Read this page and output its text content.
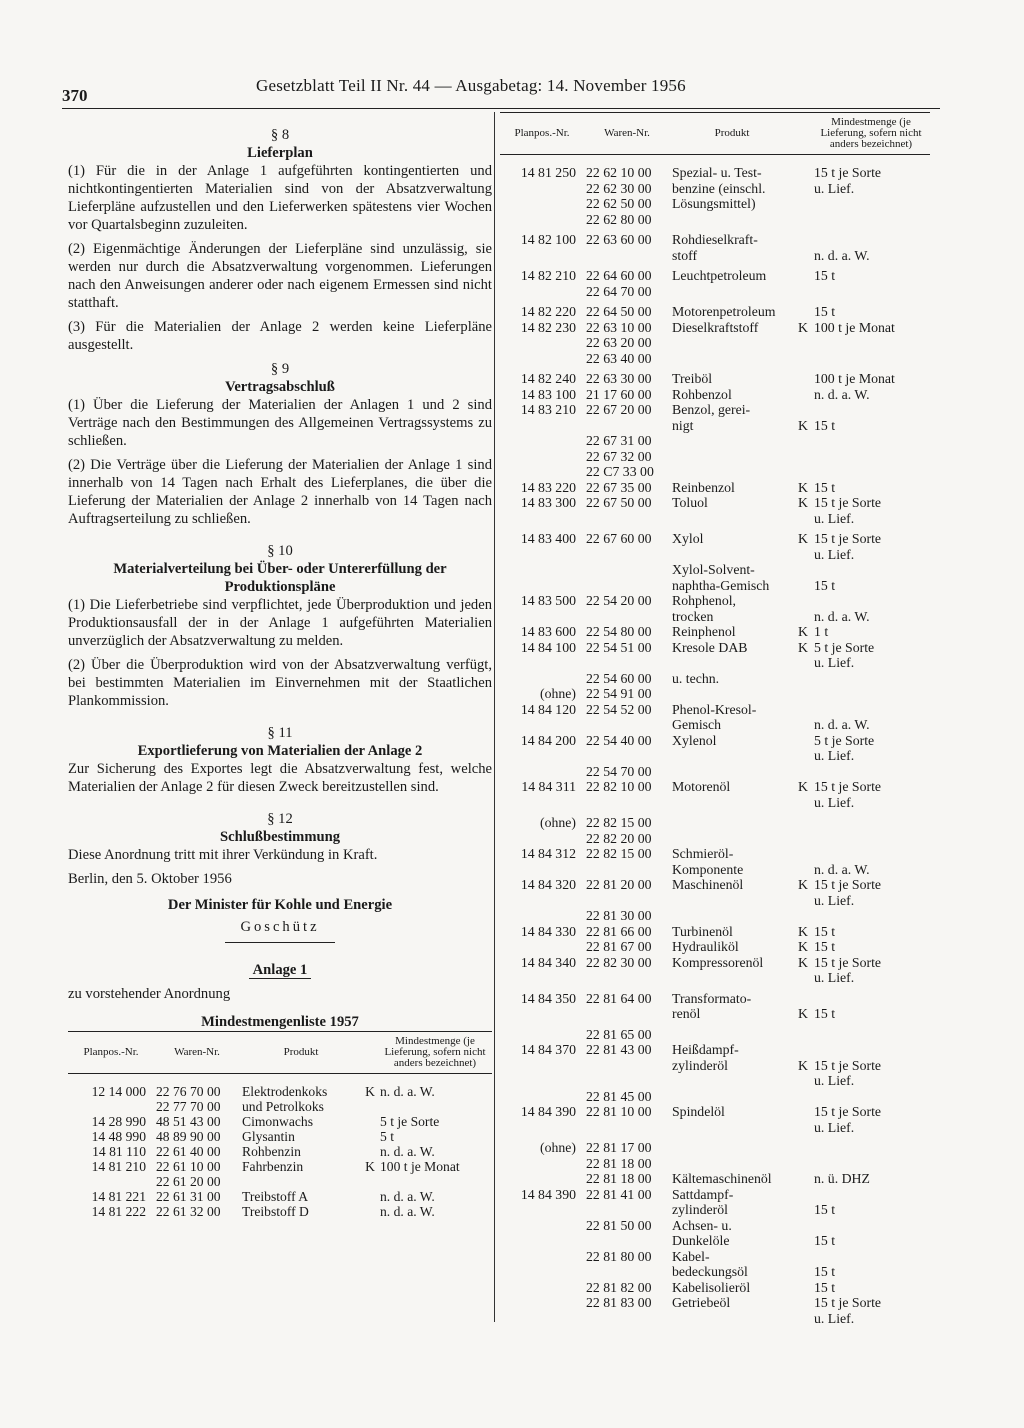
370
Gesetzblatt Teil II Nr. 44 — Ausgabetag: 14. November 1956
§ 8
Lieferplan

(1) Für die in der Anlage 1 aufgeführten kontingentierten und nichtkontingentierten Materialien sind von der Absatzverwaltung Lieferpläne aufzustellen und den Lieferwerken spätestens vier Wochen vor Quartalsbeginn zuzuleiten.

(2) Eigenmächtige Änderungen der Lieferpläne sind unzulässig, sie werden nur durch die Absatzverwaltung vorgenommen. Lieferungen nach den Anweisungen anderer oder nach eigenem Ermessen sind nicht statthaft.

(3) Für die Materialien der Anlage 2 werden keine Lieferpläne ausgestellt.

§ 9
Vertragsabschluß

(1) Über die Lieferung der Materialien der Anlagen 1 und 2 sind Verträge nach den Bestimmungen des Allgemeinen Vertragssystems zu schließen.

(2) Die Verträge über die Lieferung der Materialien der Anlage 1 sind innerhalb von 14 Tagen nach Erhalt des Lieferplanes, die über die Lieferung der Materialien der Anlage 2 innerhalb von 14 Tagen nach Auftragserteilung zu schließen.

§ 10
Materialverteilung bei Über- oder Untererfüllung der Produktionspläne

(1) Die Lieferbetriebe sind verpflichtet, jede Überproduktion und jeden Produktionsausfall der in der Anlage 1 aufgeführten Materialien unverzüglich der Absatzverwaltung zu melden.

(2) Über die Überproduktion wird von der Absatzverwaltung verfügt, bei bestimmten Materialien im Einvernehmen mit der Staatlichen Plankommission.

§ 11
Exportlieferung von Materialien der Anlage 2

Zur Sicherung des Exportes legt die Absatzverwaltung fest, welche Materialien der Anlage 2 für diesen Zweck bereitzustellen sind.

§ 12
Schlußbestimmung

Diese Anordnung tritt mit ihrer Verkündung in Kraft.

Berlin, den 5. Oktober 1956
Der Minister für Kohle und Energie
Goschütz
Anlage 1
zu vorstehender Anordnung
Mindestmengenliste 1957
Planpos.-Nr.	Waren-Nr.	Produkt		Mindestmenge (je Lieferung, sofern nicht anders bezeichnet)
12 14 000	22 76 70 00	Elektrodenkoks	K	n. d. a. W.
	22 77 70 00	und Petrolkoks		
14 28 990	48 51 43 00	Cimonwachs		5 t je Sorte
14 48 990	48 89 90 00	Glysantin		5 t
14 81 110	22 61 40 00	Rohbenzin		n. d. a. W.
14 81 210	22 61 10 00	Fahrbenzin	K	100 t je Monat
	22 61 20 00			
14 81 221	22 61 31 00	Treibstoff A		n. d. a. W.
14 81 222	22 61 32 00	Treibstoff D		n. d. a. W.
Planpos.-Nr.	Waren-Nr.	Produkt		Mindestmenge (je Lieferung, sofern nicht anders bezeichnet)
14 81 250	22 62 10 00	Spezial- u. Test-		15 t je Sorte
	22 62 30 00	benzine (einschl.		u. Lief.
	22 62 50 00	Lösungsmittel)		
	22 62 80 00			
14 82 100	22 63 60 00	Rohdieselkraft-		
		stoff		n. d. a. W.
14 82 210	22 64 60 00	Leuchtpetroleum		15 t
	22 64 70 00			
14 82 220	22 64 50 00	Motorenpetroleum		15 t
14 82 230	22 63 10 00	Dieselkraftstoff	K	100 t je Monat
	22 63 20 00			
	22 63 40 00			
14 82 240	22 63 30 00	Treiböl		100 t je Monat
14 83 100	21 17 60 00	Rohbenzol		n. d. a. W.
14 83 210	22 67 20 00	Benzol, gerei-		
		nigt	K	15 t
	22 67 31 00			
	22 67 32 00			
	22 C7 33 00			
14 83 220	22 67 35 00	Reinbenzol	K	15 t
14 83 300	22 67 50 00	Toluol	K	15 t je Sorte
				u. Lief.
14 83 400	22 67 60 00	Xylol	K	15 t je Sorte
				u. Lief.
		Xylol-Solvent-		
		naphtha-Gemisch		15 t
14 83 500	22 54 20 00	Rohphenol,		
		trocken		n. d. a. W.
14 83 600	22 54 80 00	Reinphenol	K	1 t
14 84 100	22 54 51 00	Kresole DAB	K	5 t je Sorte
				u. Lief.
	22 54 60 00	u. techn.		
(ohne)	22 54 91 00			
14 84 120	22 54 52 00	Phenol-Kresol-		
		Gemisch		n. d. a. W.
14 84 200	22 54 40 00	Xylenol		5 t je Sorte
				u. Lief.
	22 54 70 00			
14 84 311	22 82 10 00	Motorenöl	K	15 t je Sorte
				u. Lief.
(ohne)	22 82 15 00			
	22 82 20 00			
14 84 312	22 82 15 00	Schmieröl-		
		Komponente		n. d. a. W.
14 84 320	22 81 20 00	Maschinenöl	K	15 t je Sorte
				u. Lief.
	22 81 30 00			
14 84 330	22 81 66 00	Turbinenöl	K	15 t
	22 81 67 00	Hydrauliköl	K	15 t
14 84 340	22 82 30 00	Kompressorenöl	K	15 t je Sorte
				u. Lief.
14 84 350	22 81 64 00	Transformato-		
		renöl	K	15 t
	22 81 65 00			
14 84 370	22 81 43 00	Heißdampf-		
		zylinderöl	K	15 t je Sorte
				u. Lief.
	22 81 45 00			
14 84 390	22 81 10 00	Spindelöl		15 t je Sorte
				u. Lief.
(ohne)	22 81 17 00			
	22 81 18 00			
	22 81 18 00	Kältemaschinenöl		n. ü. DHZ
14 84 390	22 81 41 00	Sattdampf-		
		zylinderöl		15 t
	22 81 50 00	Achsen- u.		
		Dunkelöle		15 t
	22 81 80 00	Kabel-		
		bedeckungsöl		15 t
	22 81 82 00	Kabelisolieröl		15 t
	22 81 83 00	Getriebeöl		15 t je Sorte
				u. Lief.
